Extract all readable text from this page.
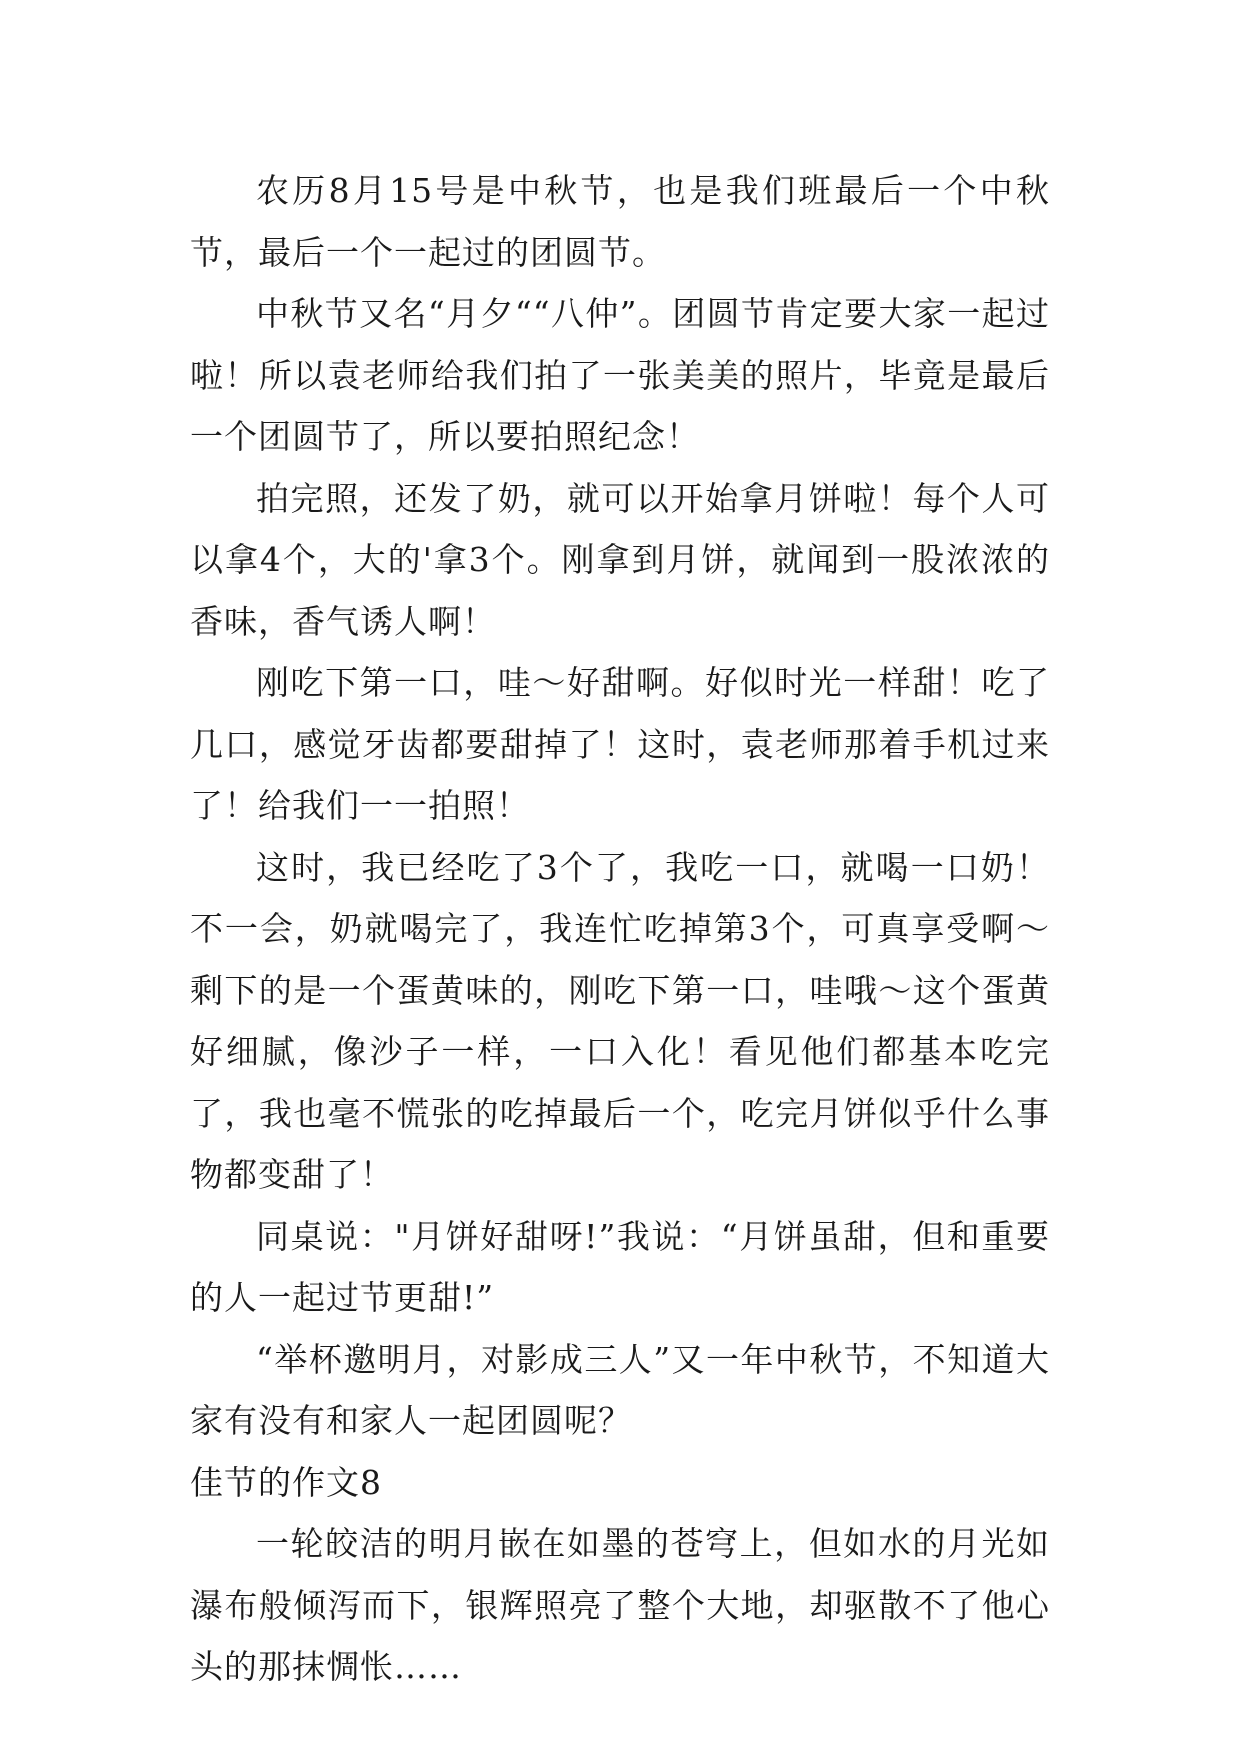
农历8月15号是中秋节，也是我们班最后一个中秋节，最后一个一起过的团圆节。

中秋节又名“月夕““八仲”。团圆节肯定要大家一起过啦！所以袁老师给我们拍了一张美美的照片，毕竟是最后一个团圆节了，所以要拍照纪念！

拍完照，还发了奶，就可以开始拿月饼啦！每个人可以拿4个，大的'拿3个。刚拿到月饼，就闻到一股浓浓的香味，香气诱人啊！

刚吃下第一口，哇～好甜啊。好似时光一样甜！吃了几口，感觉牙齿都要甜掉了！这时，袁老师那着手机过来了！给我们一一拍照！

这时，我已经吃了3个了，我吃一口，就喝一口奶！不一会，奶就喝完了，我连忙吃掉第3个，可真享受啊～剩下的是一个蛋黄味的，刚吃下第一口，哇哦～这个蛋黄好细腻，像沙子一样，一口入化！看见他们都基本吃完了，我也毫不慌张的吃掉最后一个，吃完月饼似乎什么事物都变甜了！

同桌说："月饼好甜呀!”我说：“月饼虽甜，但和重要的人一起过节更甜!”

“举杯邀明月，对影成三人”又一年中秋节，不知道大家有没有和家人一起团圆呢？

佳节的作文8

一轮皎洁的明月嵌在如墨的苍穹上，但如水的月光如瀑布般倾泻而下，银辉照亮了整个大地，却驱散不了他心头的那抹惆怅……
